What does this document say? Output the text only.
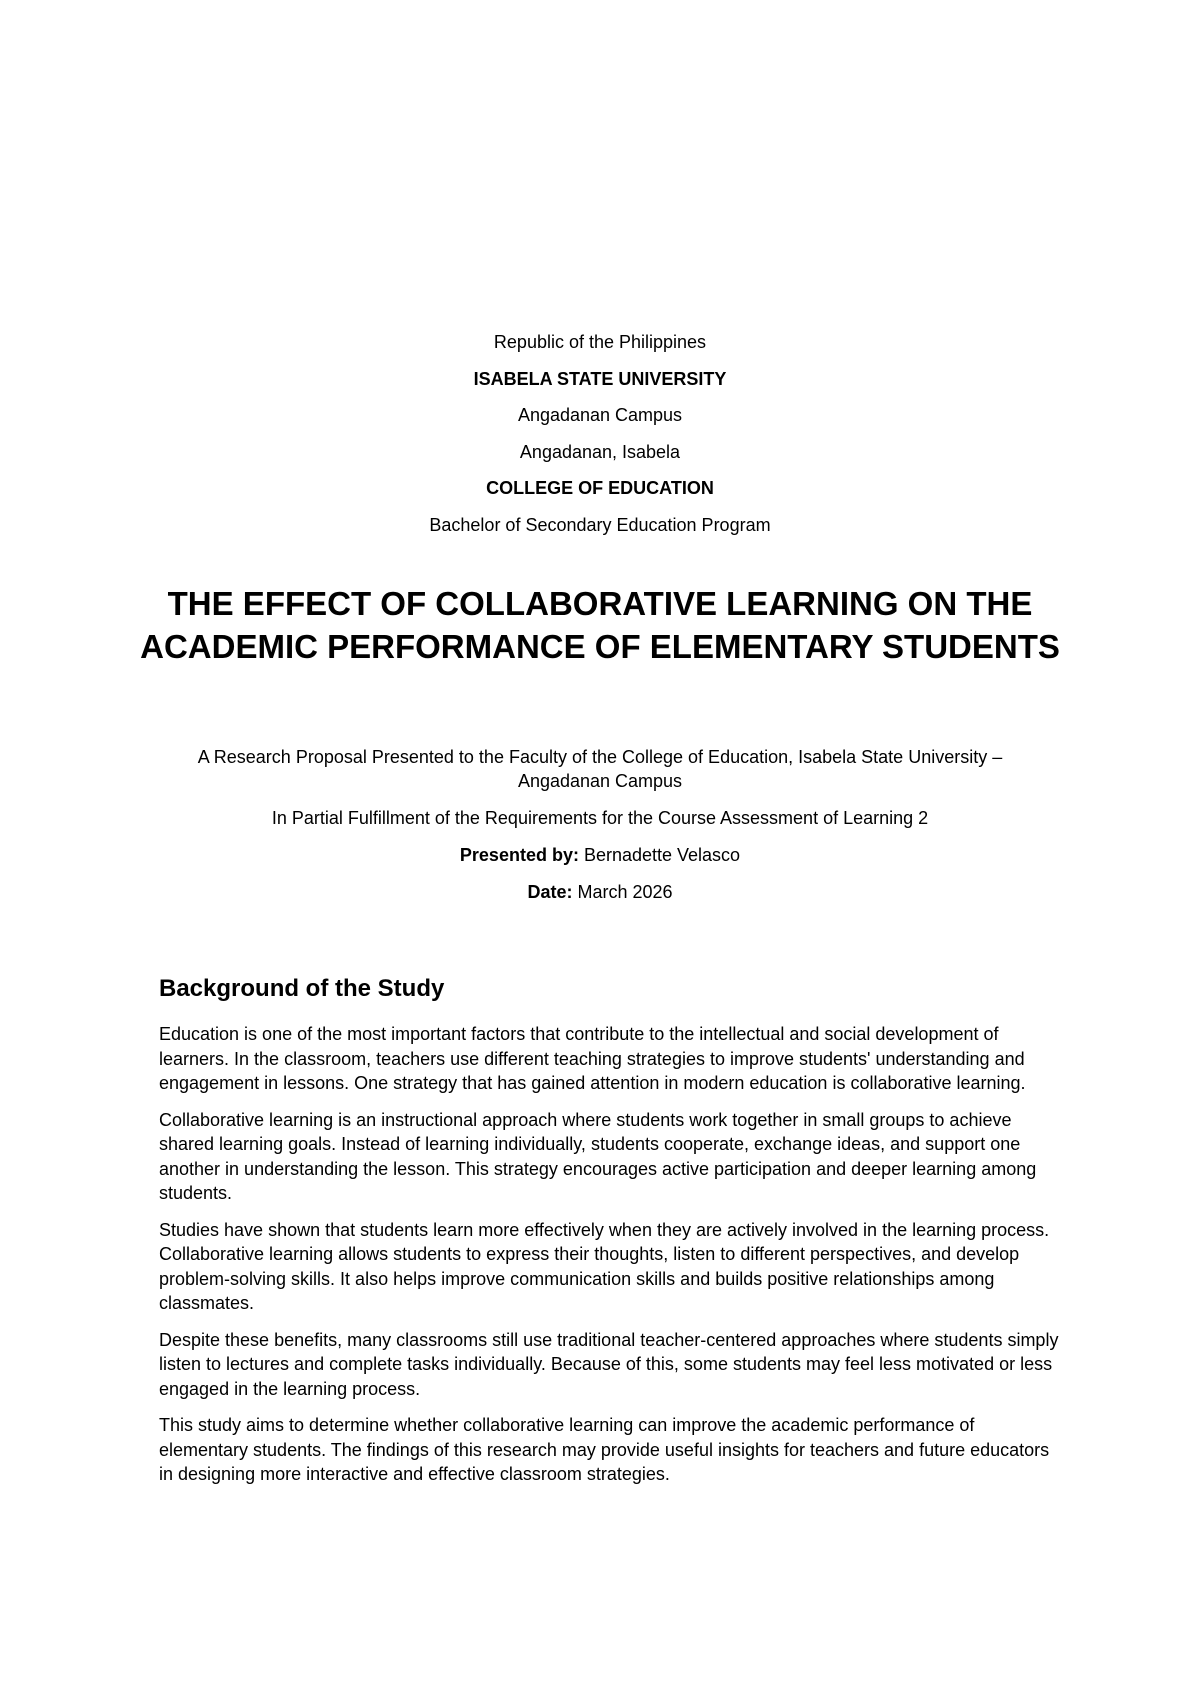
Republic of the Philippines

ISABELA STATE UNIVERSITY

Angadanan Campus

Angadanan, Isabela

COLLEGE OF EDUCATION

Bachelor of Secondary Education Program

THE EFFECT OF COLLABORATIVE LEARNING ON THE ACADEMIC PERFORMANCE OF ELEMENTARY STUDENTS

A Research Proposal Presented to the Faculty of the College of Education, Isabela State University – Angadanan Campus

In Partial Fulfillment of the Requirements for the Course Assessment of Learning 2

Presented by: Bernadette Velasco

Date: March 2026

Background of the Study

Education is one of the most important factors that contribute to the intellectual and social development of learners. In the classroom, teachers use different teaching strategies to improve students' understanding and engagement in lessons. One strategy that has gained attention in modern education is collaborative learning.

Collaborative learning is an instructional approach where students work together in small groups to achieve shared learning goals. Instead of learning individually, students cooperate, exchange ideas, and support one another in understanding the lesson. This strategy encourages active participation and deeper learning among students.

Studies have shown that students learn more effectively when they are actively involved in the learning process. Collaborative learning allows students to express their thoughts, listen to different perspectives, and develop problem-solving skills. It also helps improve communication skills and builds positive relationships among classmates.

Despite these benefits, many classrooms still use traditional teacher-centered approaches where students simply listen to lectures and complete tasks individually. Because of this, some students may feel less motivated or less engaged in the learning process.

This study aims to determine whether collaborative learning can improve the academic performance of elementary students. The findings of this research may provide useful insights for teachers and future educators in designing more interactive and effective classroom strategies.
